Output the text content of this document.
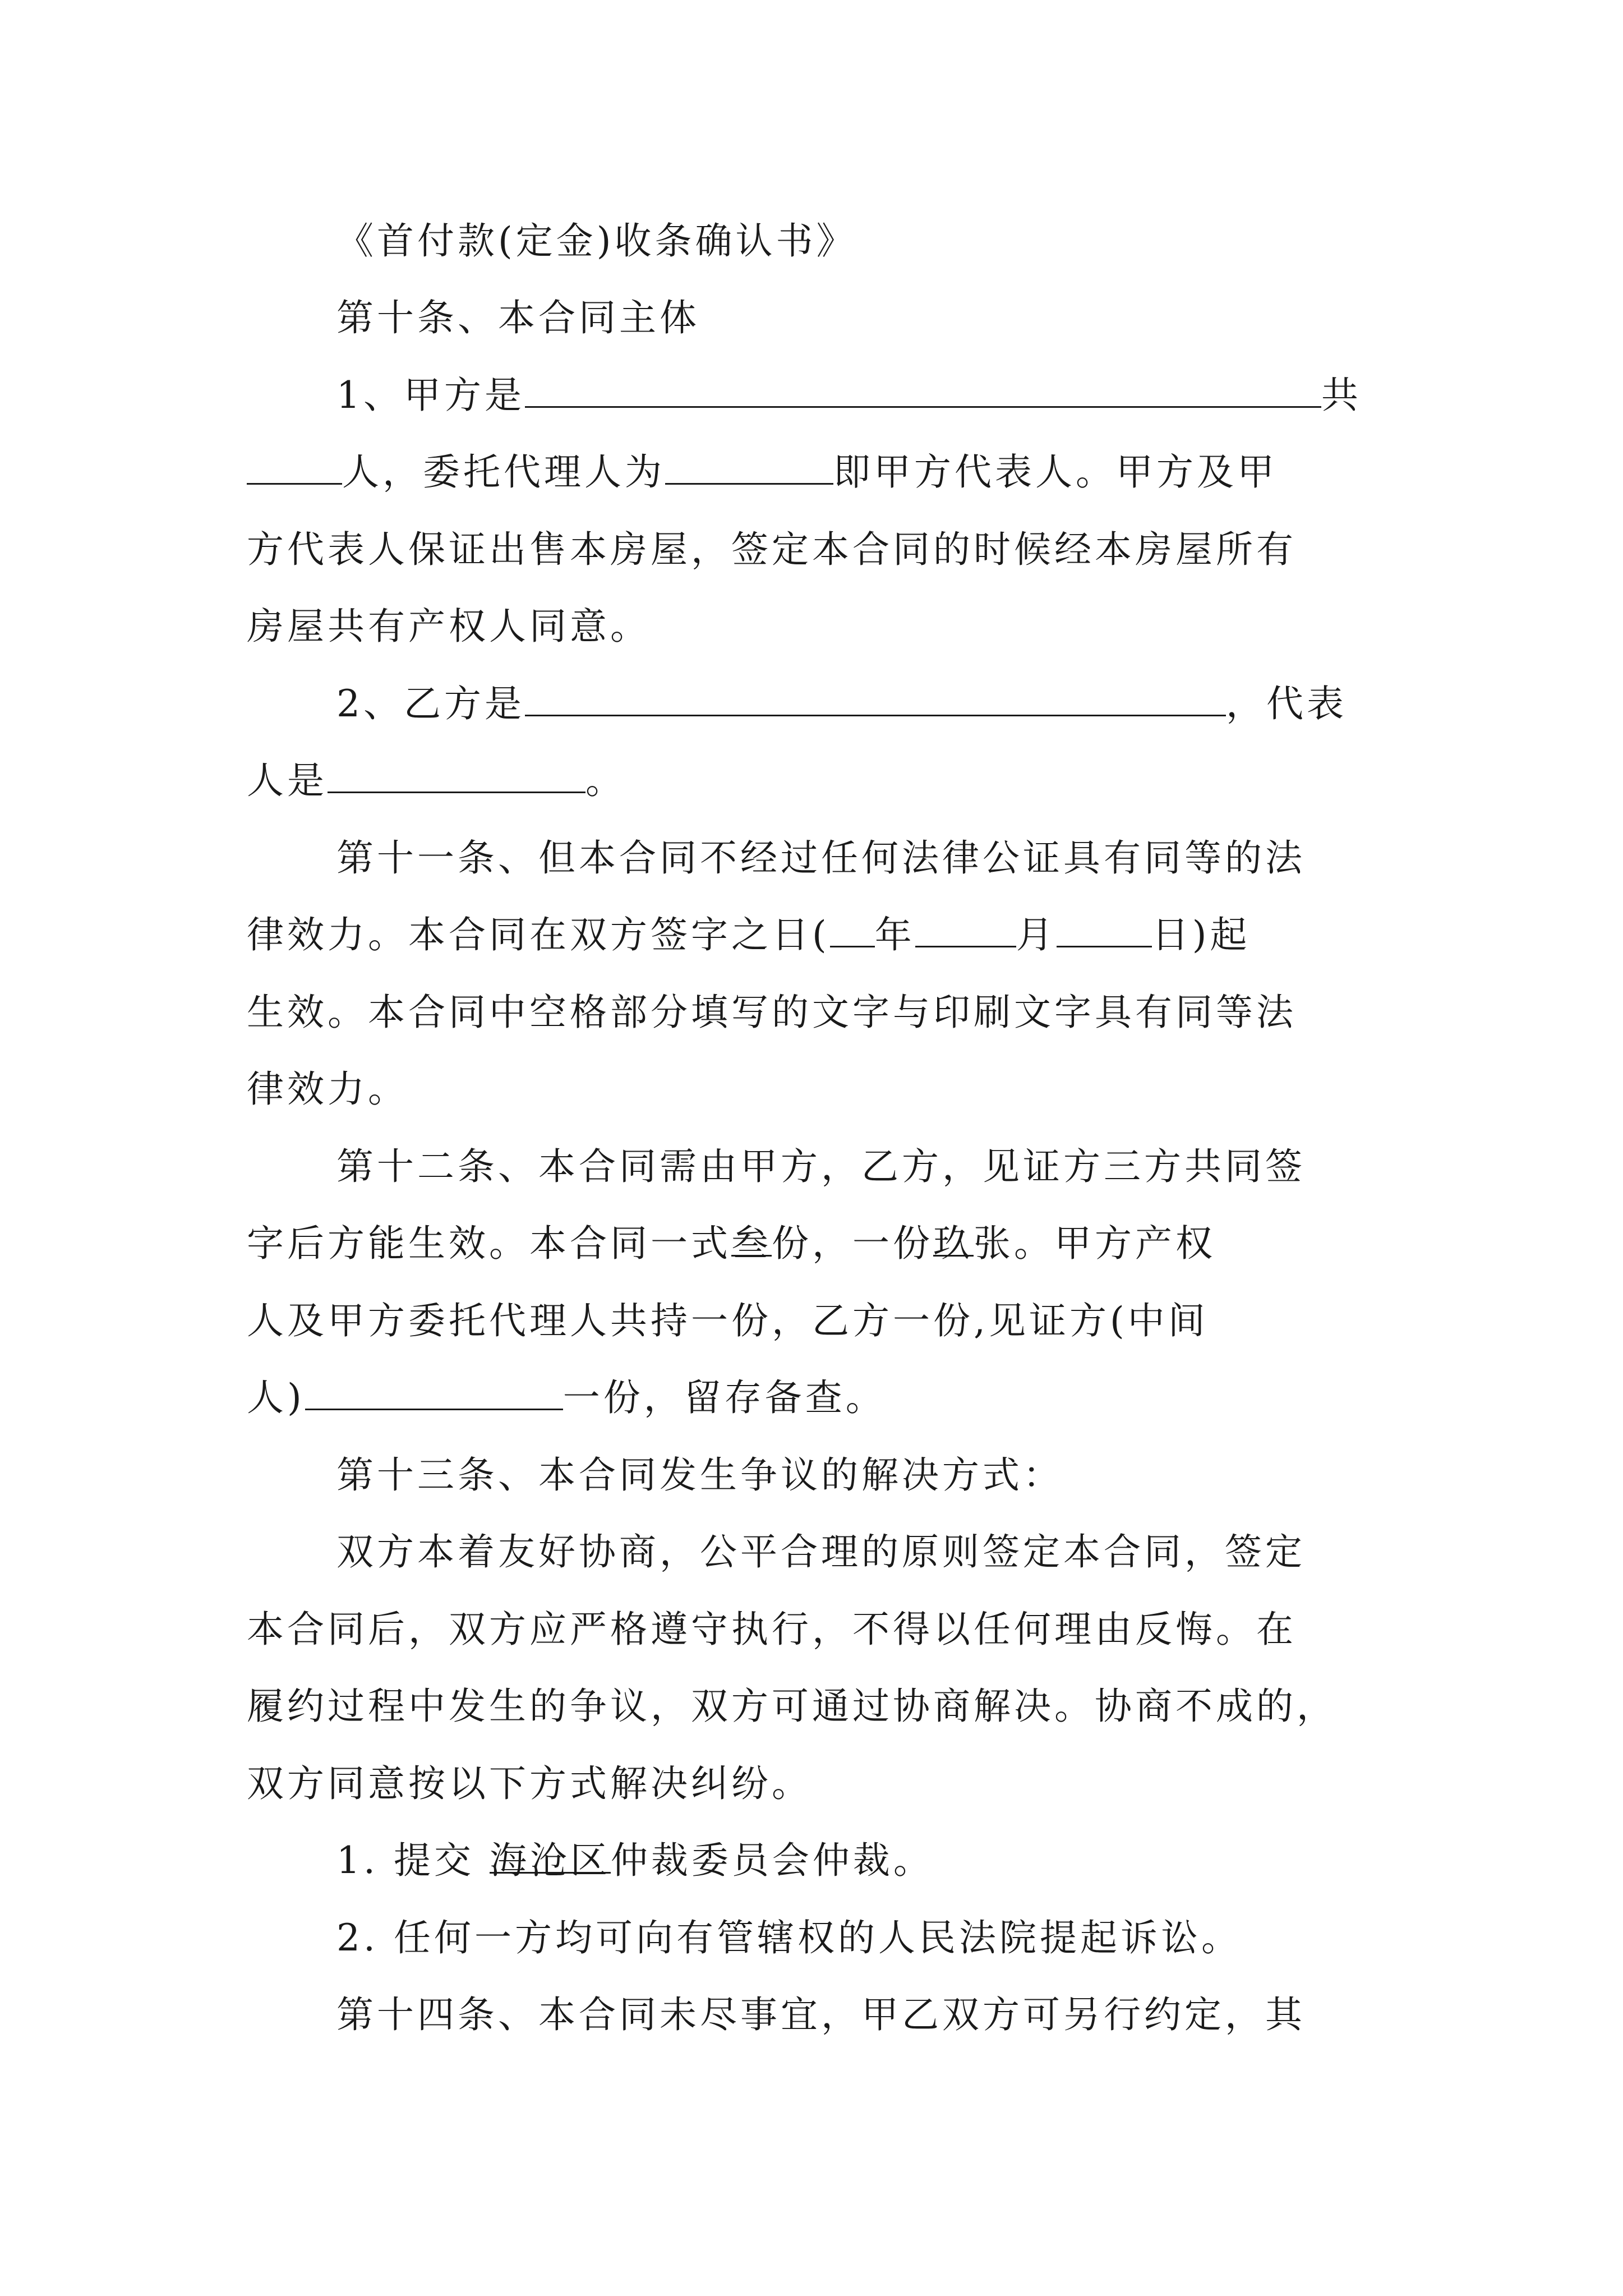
《首付款(定金)收条确认书》
第十条、本合同主体
1、甲方是	共
人，委托代理人为	即甲方代表人。甲方及甲
方代表人保证出售本房屋，签定本合同的时候经本房屋所有
房屋共有产权人同意。
2、乙方是	，代表
人是	。
第十一条、但本合同不经过任何法律公证具有同等的法
律效力。本合同在双方签字之日( 年	月	日)起
生效。本合同中空格部分填写的文字与印刷文字具有同等法
律效力。
第十二条、本合同需由甲方，乙方，见证方三方共同签
字后方能生效。本合同一式叁份，一份玖张。甲方产权
人及甲方委托代理人共持一份，乙方一份,见证方(中间
人)	一份，留存备查。
第十三条、本合同发生争议的解决方式：
双方本着友好协商，公平合理的原则签定本合同，签定
本合同后，双方应严格遵守执行，不得以任何理由反悔。在
履约过程中发生的争议，双方可通过协商解决。协商不成的，
双方同意按以下方式解决纠纷。
1. 提交 海沧区仲裁委员会仲裁。
2. 任何一方均可向有管辖权的人民法院提起诉讼。
第十四条、本合同未尽事宜，甲乙双方可另行约定，其
